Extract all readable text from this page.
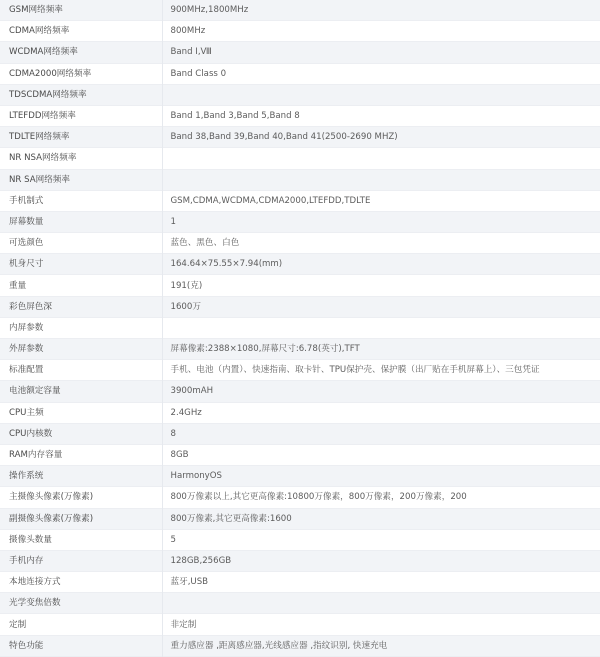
GSM网络频率	900MHz,1800MHz
CDMA网络频率	800MHz
WCDMA网络频率	Band Ⅰ,Ⅷ
CDMA2000网络频率	Band Class 0
TDSCDMA网络频率	
LTEFDD网络频率	Band 1,Band 3,Band 5,Band 8
TDLTE网络频率	Band 38,Band 39,Band 40,Band 41(2500-2690 MHZ)
NR NSA网络频率	
NR SA网络频率	
手机制式	GSM,CDMA,WCDMA,CDMA2000,LTEFDD,TDLTE
屏幕数量	1
可选颜色	蓝色、黑色、白色
机身尺寸	164.64×75.55×7.94(mm)
重量	191(克)
彩色屏色深	1600万
内屏参数	
外屏参数	屏幕像素:2388×1080,屏幕尺寸:6.78(英寸),TFT
标准配置	手机、电池（内置）、快速指南、取卡针、TPU保护壳、保护膜（出厂贴在手机屏幕上）、三包凭证
电池额定容量	3900mAH
CPU主频	2.4GHz
CPU内核数	8
RAM内存容量	8GB
操作系统	HarmonyOS
主摄像头像素(万像素)	800万像素以上,其它更高像素:10800万像素，800万像素，200万像素，200
副摄像头像素(万像素)	800万像素,其它更高像素:1600
摄像头数量	5
手机内存	128GB,256GB
本地连接方式	蓝牙,USB
光学变焦倍数	
定制	非定制
特色功能	重力感应器 ,距离感应器,光线感应器 ,指纹识别, 快速充电
